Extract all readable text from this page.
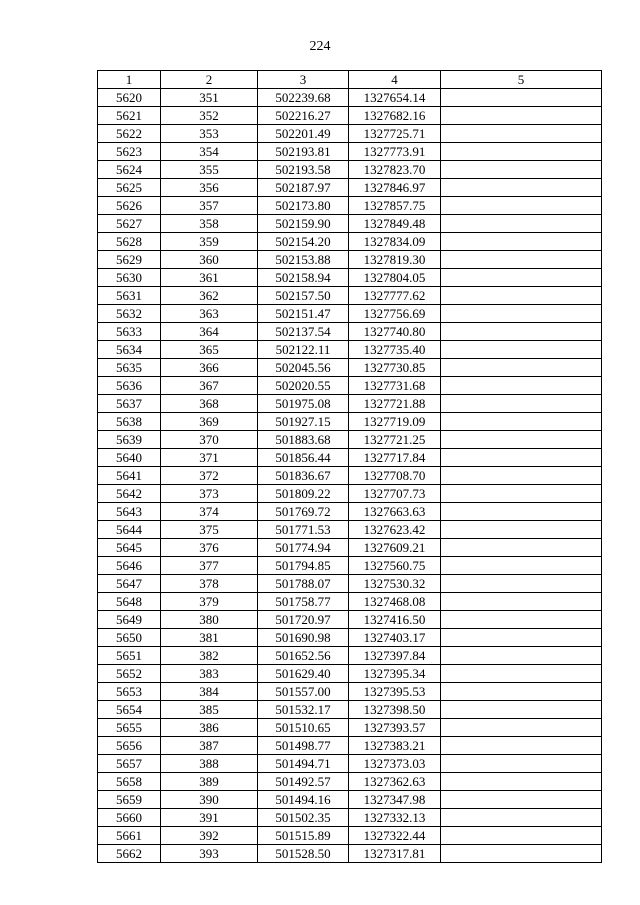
224
1	2	3	4	5
5620	351	502239.68	1327654.14	
5621	352	502216.27	1327682.16	
5622	353	502201.49	1327725.71	
5623	354	502193.81	1327773.91	
5624	355	502193.58	1327823.70	
5625	356	502187.97	1327846.97	
5626	357	502173.80	1327857.75	
5627	358	502159.90	1327849.48	
5628	359	502154.20	1327834.09	
5629	360	502153.88	1327819.30	
5630	361	502158.94	1327804.05	
5631	362	502157.50	1327777.62	
5632	363	502151.47	1327756.69	
5633	364	502137.54	1327740.80	
5634	365	502122.11	1327735.40	
5635	366	502045.56	1327730.85	
5636	367	502020.55	1327731.68	
5637	368	501975.08	1327721.88	
5638	369	501927.15	1327719.09	
5639	370	501883.68	1327721.25	
5640	371	501856.44	1327717.84	
5641	372	501836.67	1327708.70	
5642	373	501809.22	1327707.73	
5643	374	501769.72	1327663.63	
5644	375	501771.53	1327623.42	
5645	376	501774.94	1327609.21	
5646	377	501794.85	1327560.75	
5647	378	501788.07	1327530.32	
5648	379	501758.77	1327468.08	
5649	380	501720.97	1327416.50	
5650	381	501690.98	1327403.17	
5651	382	501652.56	1327397.84	
5652	383	501629.40	1327395.34	
5653	384	501557.00	1327395.53	
5654	385	501532.17	1327398.50	
5655	386	501510.65	1327393.57	
5656	387	501498.77	1327383.21	
5657	388	501494.71	1327373.03	
5658	389	501492.57	1327362.63	
5659	390	501494.16	1327347.98	
5660	391	501502.35	1327332.13	
5661	392	501515.89	1327322.44	
5662	393	501528.50	1327317.81	
